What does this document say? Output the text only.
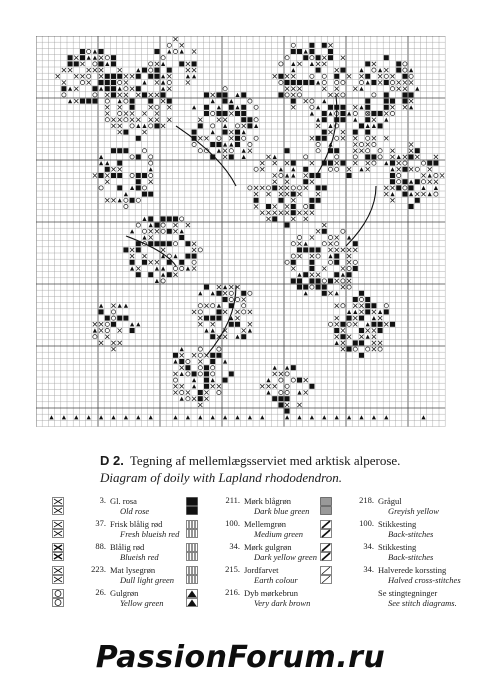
D 2. Tegning af mellemlægsserviet med arktisk alperose.
Diagram of doily with Lapland rhododendron.
3. Gl. rosa
Old rose
37. Frisk blålig rød
Fresh blueish red
88. Blålig rød
Blueish red
223. Mat lysegrøn
Dull light green
26. Gulgrøn
Yellow green
211. Mørk blågrøn
Dark blue green
100. Mellemgrøn
Medium green
34. Mørk gulgrøn
Dark yellow green
215. Jordfarvet
Earth colour
216. Dyb mørkebrun
Very dark brown
218. Grågul
Greyish yellow
100. Stikkesting
Back-stitches
34. Stikkesting
Back-stitches
34. Halverede korssting
Halved cross-stitches
Se stingtegninger
See stitch diagrams.
PassionForum.ru
